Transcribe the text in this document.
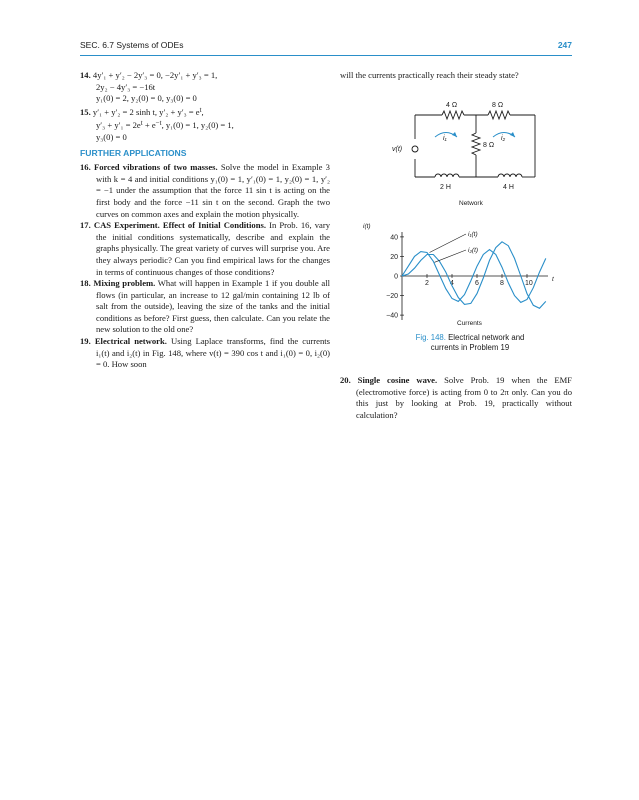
SEC. 6.7 Systems of ODEs	247

14. 4y′₁ + y′₂ − 2y′₃ = 0, −2y′₁ + y′₃ = 1,

2y₂ − 4y′₃ = −16t

y₁(0) = 2, y₂(0) = 0, y₃(0) = 0

15. y′₁ + y′₂ = 2 sinh t, $y'_2 + y'_3 = e^t$,

$y'_3 + y'_1 = 2e^t + e^{-t}$, y₁(0) = 1, y₂(0) = 1,

y₃(0) = 0

FURTHER APPLICATIONS

16. Forced vibrations of two masses. Solve the model in Example 3 with k = 4 and initial conditions y₁(0) = 1, y′₁(0) = 1, y₂(0) = 1, y′₂ = −1 under the assumption that the force 11 sin t is acting on the first body and the force −11 sin t on the second. Graph the two curves on common axes and explain the motion physically.

17. CAS Experiment. Effect of Initial Conditions. In Prob. 16, vary the initial conditions systematically, describe and explain the graphs physically. The great variety of curves will surprise you. Are they always periodic? Can you find empirical laws for the changes in terms of continuous changes of those conditions?

18. Mixing problem. What will happen in Example 1 if you double all flows (in particular, an increase to 12 gal/min containing 12 lb of salt from the outside), leaving the size of the tanks and the initial conditions as before? First guess, then calculate. Can you relate the new solution to the old one?

19. Electrical network. Using Laplace transforms, find the currents i₁(t) and i₂(t) in Fig. 148, where v(t) = 390 cos t and i₁(0) = 0, i₂(0) = 0. How soon

will the currents practically reach their steady state?

4 Ω	8 Ω
8 Ω
2 H	4 H
v(t)
i₁	i₂
Network
2	4	6	8	10
40
20
0
−20
−40
i₁(t)
i₂(t)
i(t)
t
Currents
Fig. 148. Electrical network and
currents in Problem 19

20. Single cosine wave. Solve Prob. 19 when the EMF (electromotive force) is acting from 0 to 2π only. Can you do this just by looking at Prob. 19, practically without calculation?
